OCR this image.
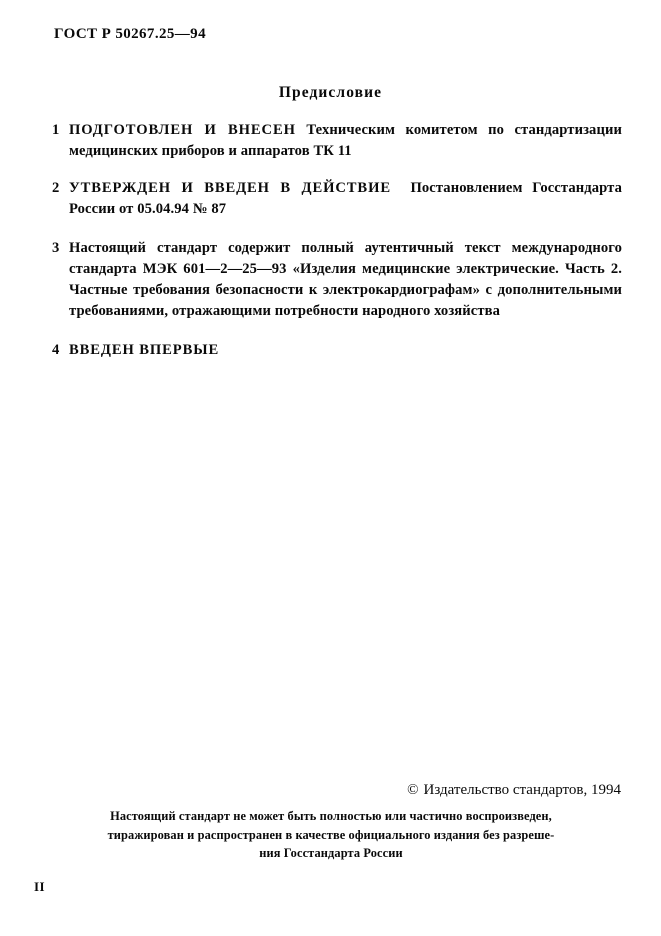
ГОСТ Р 50267.25—94
Предисловие
1 ПОДГОТОВЛЕН И ВНЕСЕН Техническим комитетом по стандартизации медицинских приборов и аппаратов ТК 11
2 УТВЕРЖДЕН И ВВЕДЕН В ДЕЙСТВИЕ Постановлением Госстандарта России от 05.04.94 № 87
3 Настоящий стандарт содержит полный аутентичный текст международного стандарта МЭК 601—2—25—93 «Изделия медицинские электрические. Часть 2. Частные требования безопасности к электрокардиографам» с дополнительными требованиями, отражающими потребности народного хозяйства
4 ВВЕДЕН ВПЕРВЫЕ
© Издательство стандартов, 1994
Настоящий стандарт не может быть полностью или частично воспроизведен,
тиражирован и распространен в качестве официального издания без разреше-
ния Госстандарта России
II
